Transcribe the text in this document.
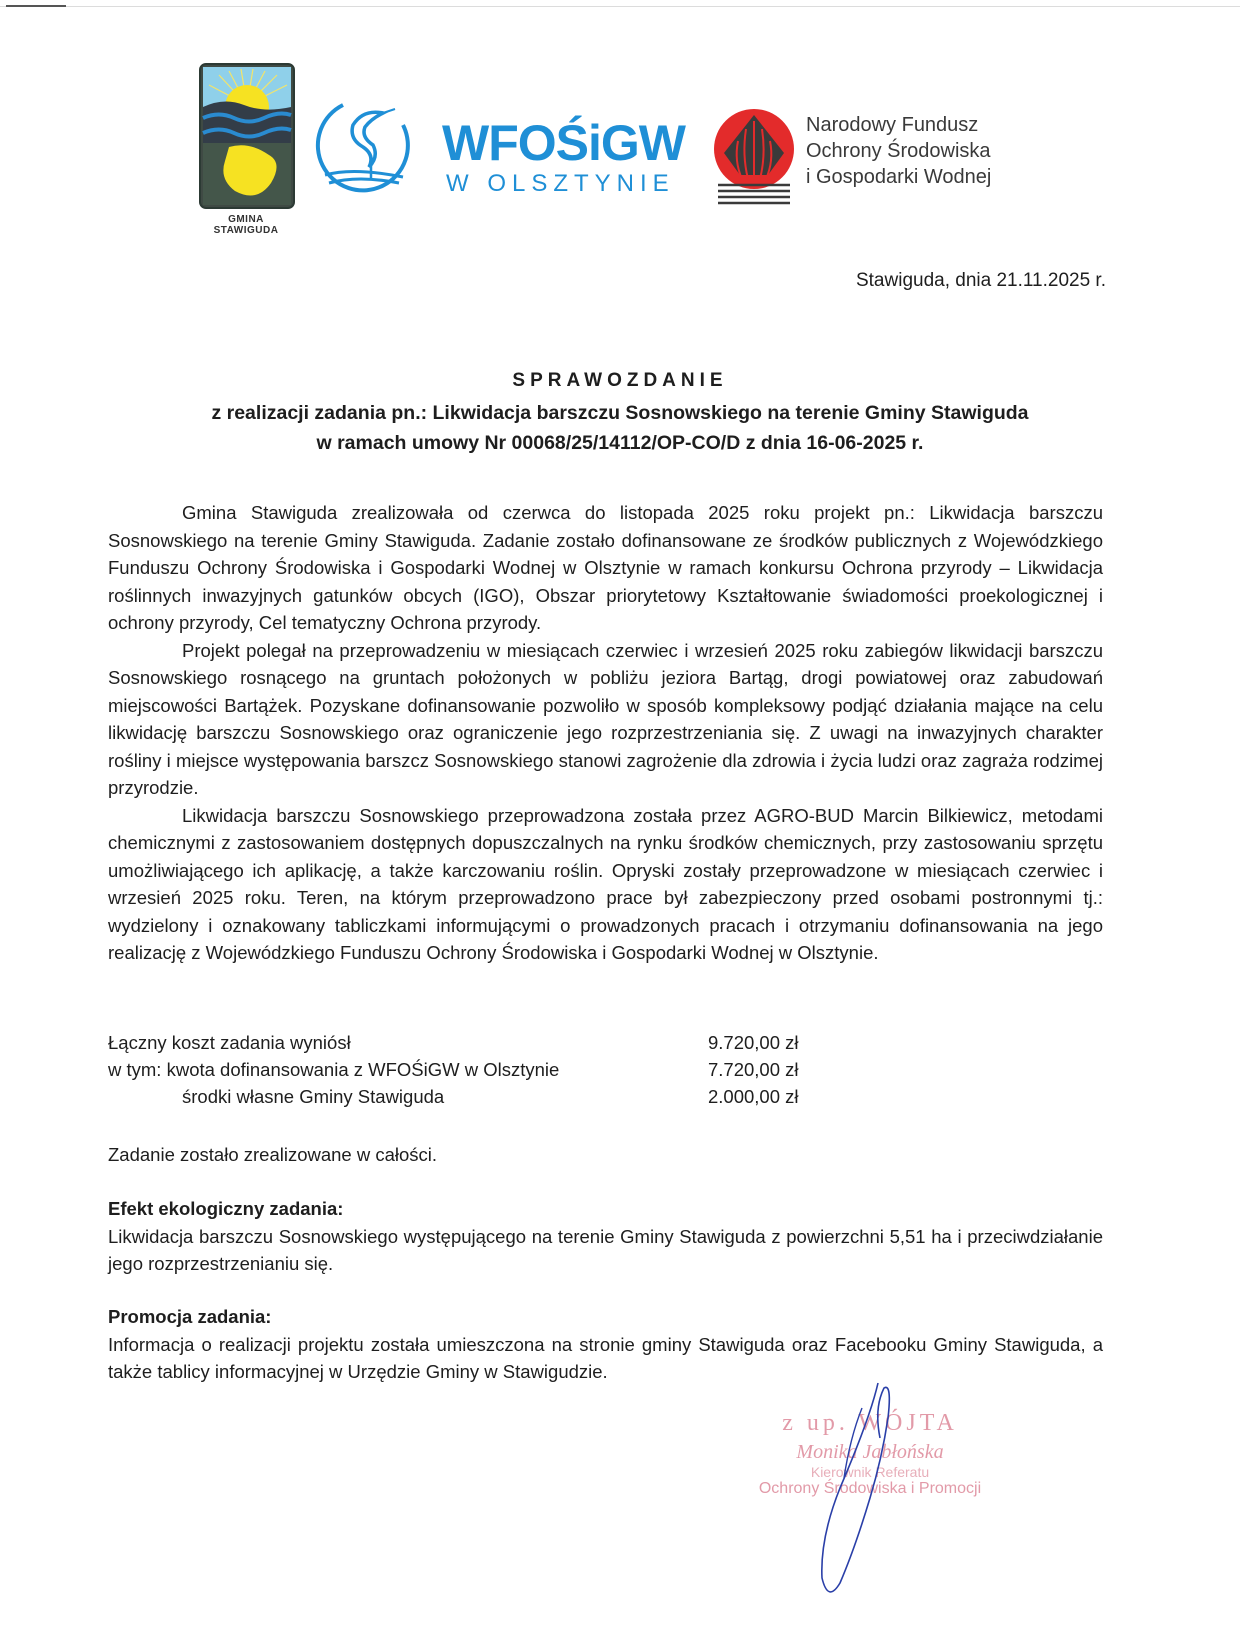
GMINA STAWIGUDA
WFOŚiGW
W OLSZTYNIE
Narodowy Fundusz
Ochrony Środowiska
i Gospodarki Wodnej
Stawiguda, dnia 21.11.2025 r.
SPRAWOZDANIE
z realizacji zadania pn.: Likwidacja barszczu Sosnowskiego na terenie Gminy Stawiguda
w ramach umowy Nr 00068/25/14112/OP-CO/D z dnia 16-06-2025 r.

Gmina Stawiguda zrealizowała od czerwca do listopada 2025 roku projekt pn.: Likwidacja barszczu Sosnowskiego na terenie Gminy Stawiguda. Zadanie zostało dofinansowane ze środków publicznych z Wojewódzkiego Funduszu Ochrony Środowiska i Gospodarki Wodnej w Olsztynie w ramach konkursu Ochrona przyrody – Likwidacja roślinnych inwazyjnych gatunków obcych (IGO), Obszar priorytetowy Kształtowanie świadomości proekologicznej i ochrony przyrody, Cel tematyczny Ochrona przyrody.

Projekt polegał na przeprowadzeniu w miesiącach czerwiec i wrzesień 2025 roku zabiegów likwidacji barszczu Sosnowskiego rosnącego na gruntach położonych w pobliżu jeziora Bartąg, drogi powiatowej oraz zabudowań miejscowości Bartążek. Pozyskane dofinansowanie pozwoliło w sposób kompleksowy podjąć działania mające na celu likwidację barszczu Sosnowskiego oraz ograniczenie jego rozprzestrzeniania się. Z uwagi na inwazyjnych charakter rośliny i miejsce występowania barszcz Sosnowskiego stanowi zagrożenie dla zdrowia i życia ludzi oraz zagraża rodzimej przyrodzie.

Likwidacja barszczu Sosnowskiego przeprowadzona została przez AGRO-BUD Marcin Bilkiewicz, metodami chemicznymi z zastosowaniem dostępnych dopuszczalnych na rynku środków chemicznych, przy zastosowaniu sprzętu umożliwiającego ich aplikację, a także karczowaniu roślin. Opryski zostały przeprowadzone w miesiącach czerwiec i wrzesień 2025 roku. Teren, na którym przeprowadzono prace był zabezpieczony przed osobami postronnymi tj.: wydzielony i oznakowany tabliczkami informującymi o prowadzonych pracach i otrzymaniu dofinansowania na jego realizację z Wojewódzkiego Funduszu Ochrony Środowiska i Gospodarki Wodnej w Olsztynie.

Łączny koszt zadania wyniósł	9.720,00 zł
w tym: kwota dofinansowania z WFOŚiGW w Olsztynie	7.720,00 zł
środki własne Gminy Stawiguda	2.000,00 zł
Zadanie zostało zrealizowane w całości.
Efekt ekologiczny zadania:

Likwidacja barszczu Sosnowskiego występującego na terenie Gminy Stawiguda z powierzchni 5,51 ha i przeciwdziałanie jego rozprzestrzenianiu się.

Promocja zadania:

Informacja o realizacji projektu została umieszczona na stronie gminy Stawiguda oraz Facebooku Gminy Stawiguda, a także tablicy informacyjnej w Urzędzie Gminy w Stawigudzie.

z up. WÓJTA
Monika Jabłońska
Kierownik Referatu
Ochrony Środowiska i Promocji
